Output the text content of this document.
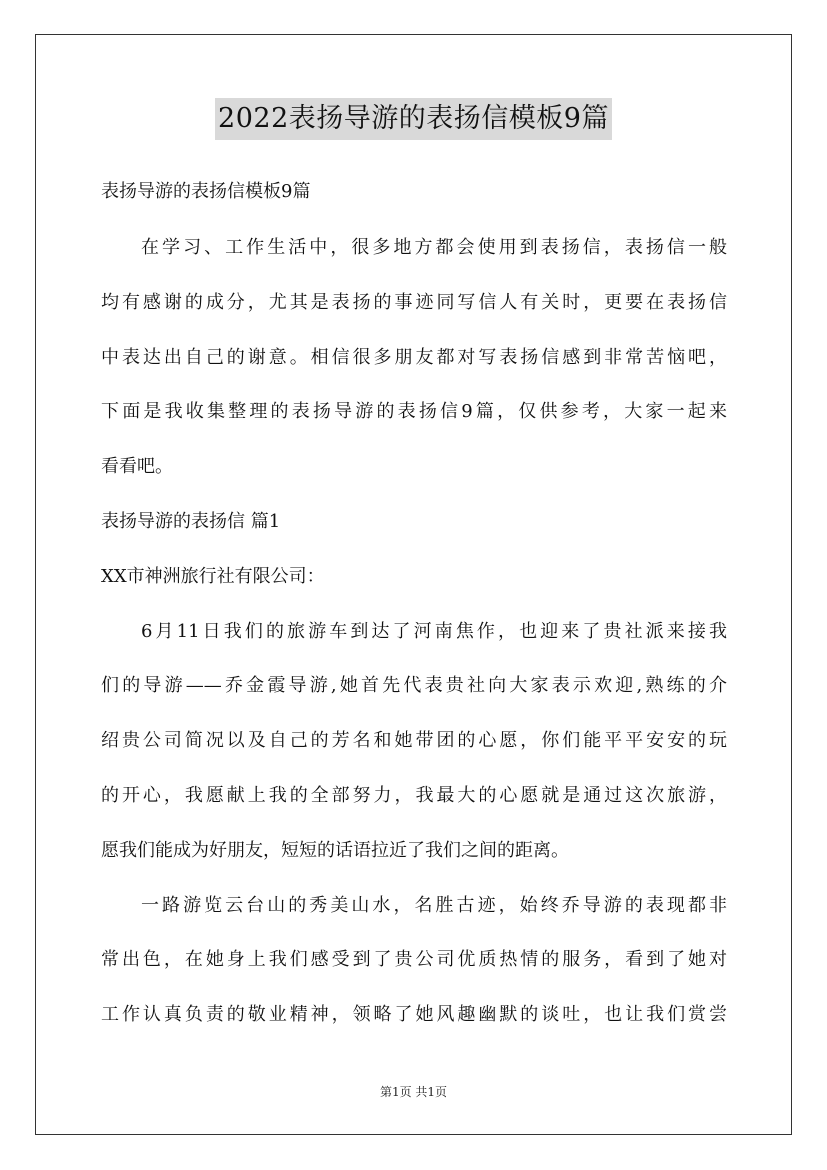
2022表扬导游的表扬信模板9篇
表扬导游的表扬信模板9篇
在学习、工作生活中，很多地方都会使用到表扬信，表扬信一般
均有感谢的成分，尤其是表扬的事迹同写信人有关时，更要在表扬信
中表达出自己的谢意。相信很多朋友都对写表扬信感到非常苦恼吧，
下面是我收集整理的表扬导游的表扬信9篇，仅供参考，大家一起来
看看吧。
表扬导游的表扬信 篇1
XX市神洲旅行社有限公司：
6月11日我们的旅游车到达了河南焦作，也迎来了贵社派来接我
们的导游——乔金霞导游,她首先代表贵社向大家表示欢迎,熟练的介
绍贵公司简况以及自己的芳名和她带团的心愿，你们能平平安安的玩
的开心，我愿献上我的全部努力，我最大的心愿就是通过这次旅游，
愿我们能成为好朋友，短短的话语拉近了我们之间的距离。
一路游览云台山的秀美山水，名胜古迹，始终乔导游的表现都非
常出色，在她身上我们感受到了贵公司优质热情的服务，看到了她对
工作认真负责的敬业精神，领略了她风趣幽默的谈吐，也让我们赏尝
第1页 共1页
